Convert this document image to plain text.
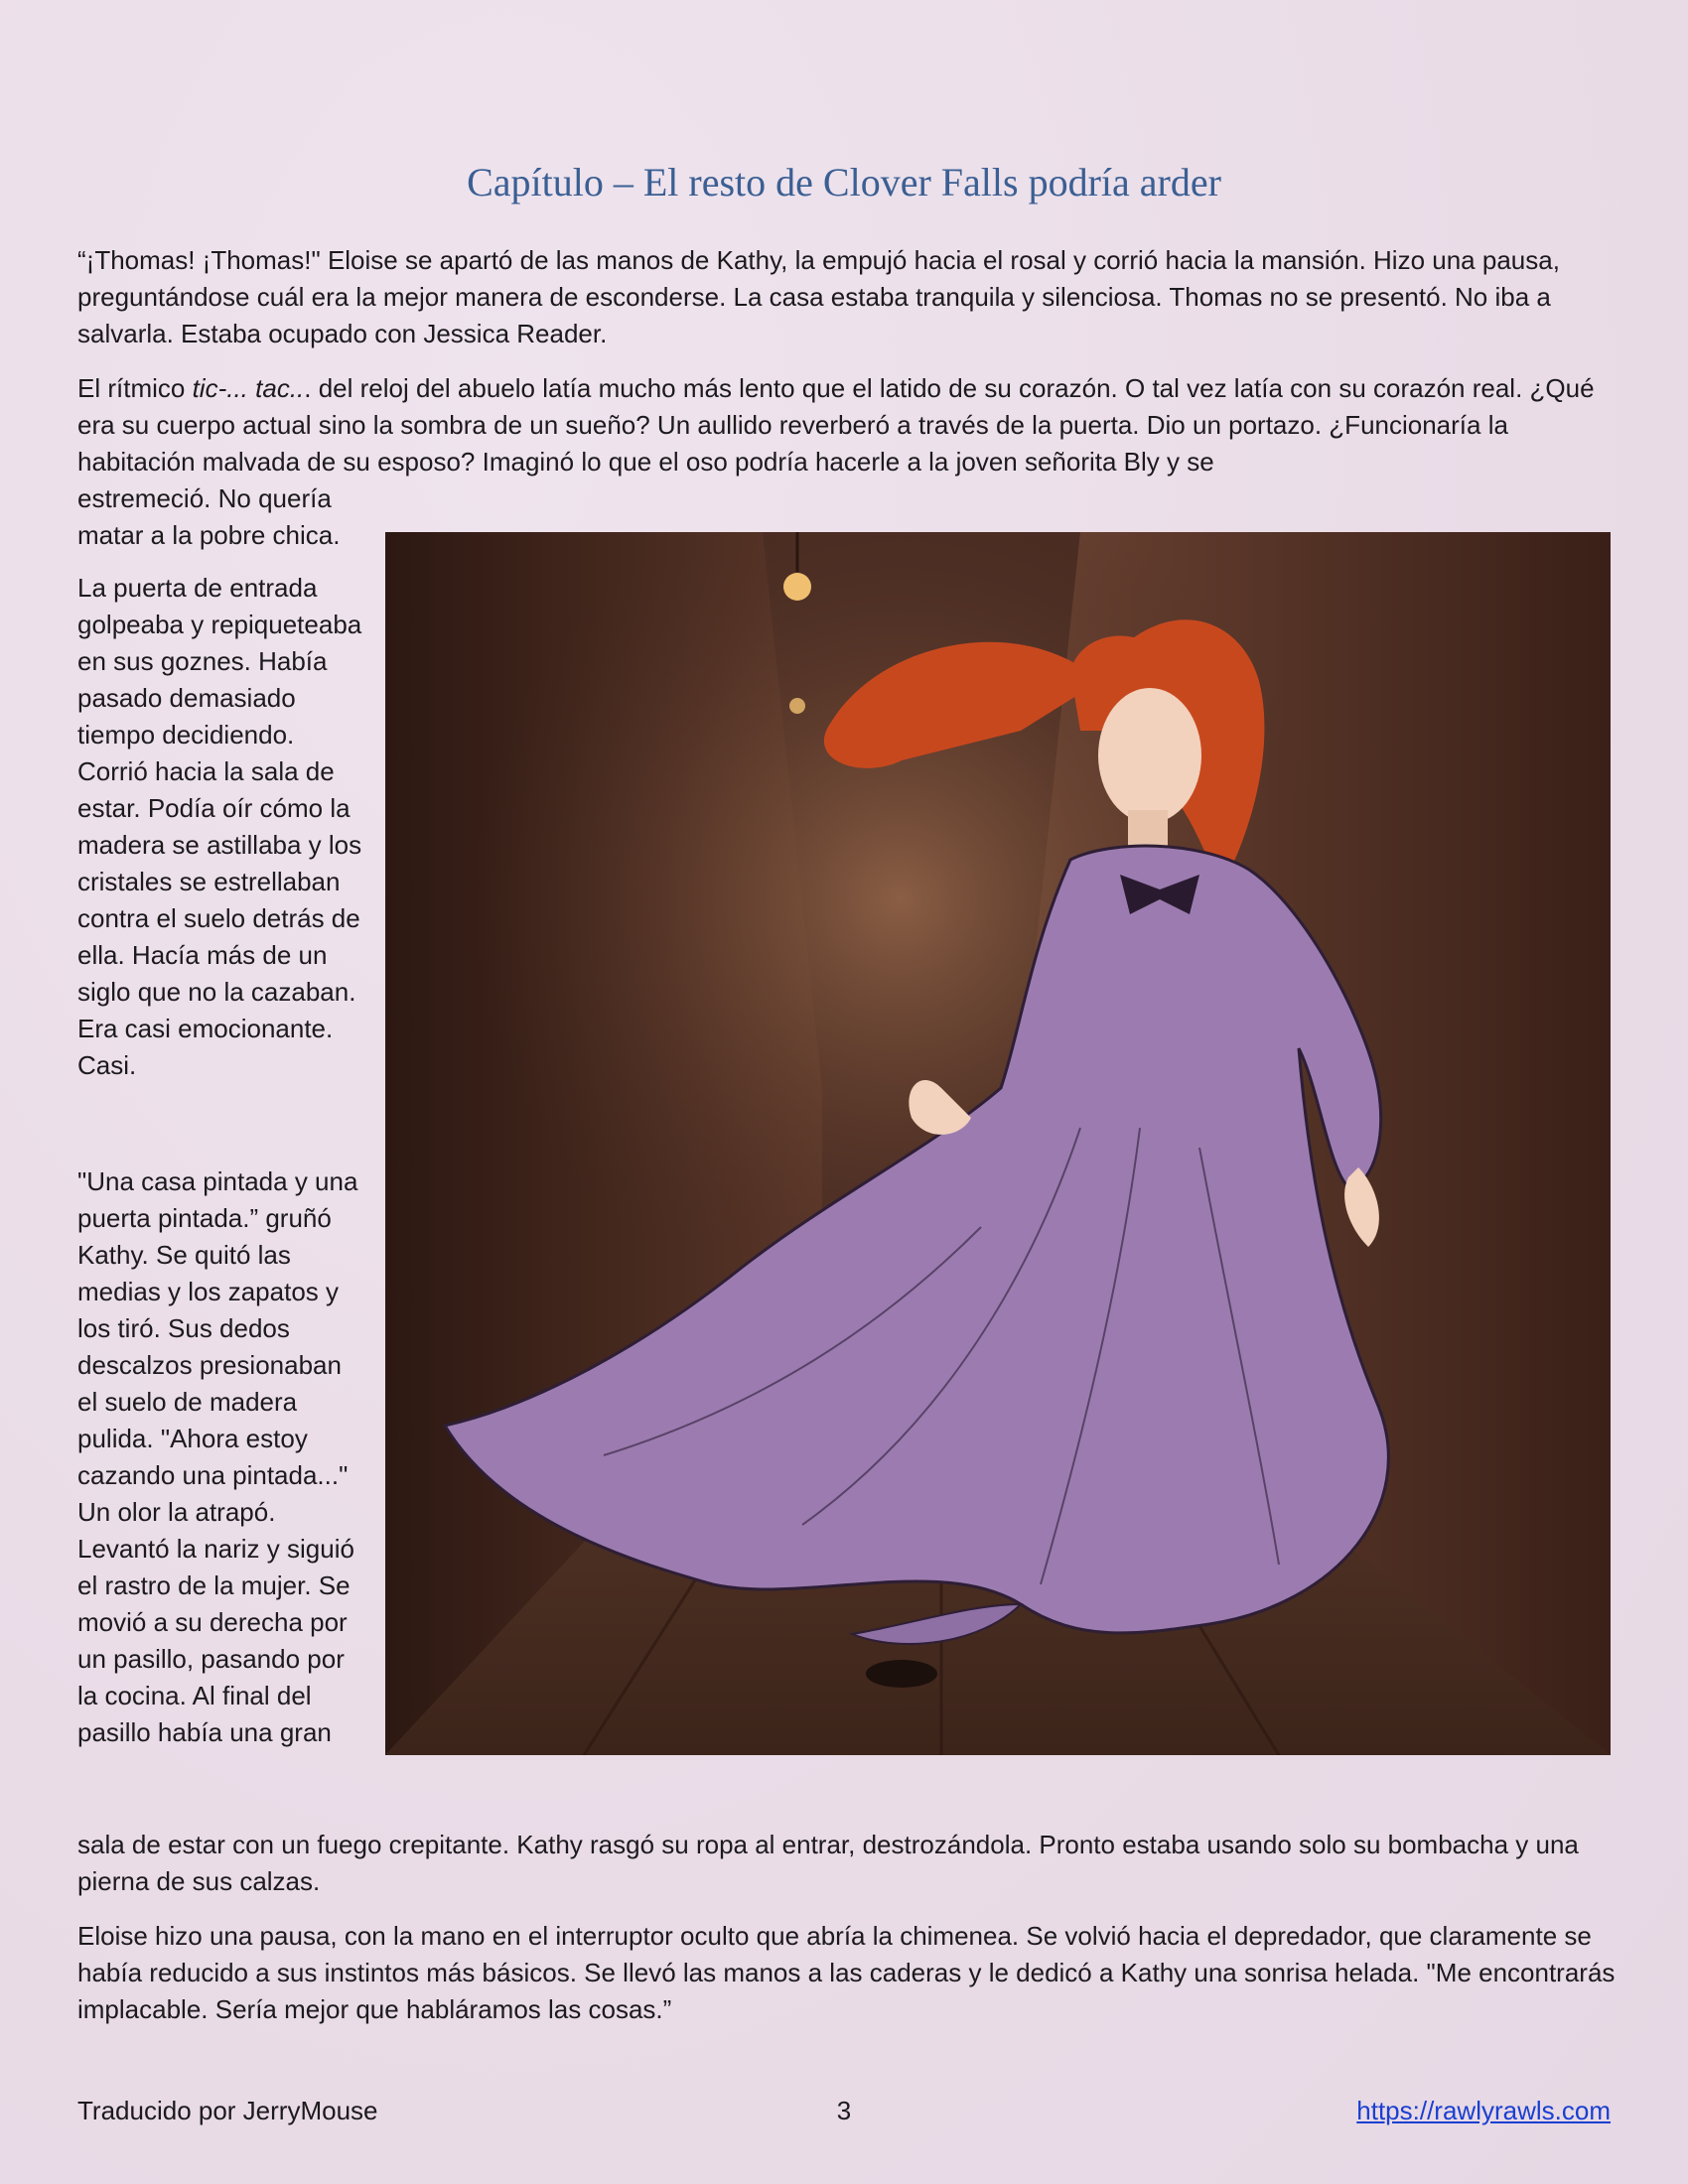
Capítulo – El resto de Clover Falls podría arder

“¡Thomas! ¡Thomas!" Eloise se apartó de las manos de Kathy, la empujó hacia el rosal y corrió hacia la mansión. Hizo una pausa, preguntándose cuál era la mejor manera de esconderse. La casa estaba tranquila y silenciosa. Thomas no se presentó. No iba a salvarla. Estaba ocupado con Jessica Reader.

El rítmico tic-... tac... del reloj del abuelo latía mucho más lento que el latido de su corazón. O tal vez latía con su corazón real. ¿Qué era su cuerpo actual sino la sombra de un sueño? Un aullido reverberó a través de la puerta. Dio un portazo. ¿Funcionaría la habitación malvada de su esposo? Imaginó lo que el oso podría hacerle a la joven señorita Bly y se

estremeció. No quería matar a la pobre chica.

La puerta de entrada golpeaba y repiqueteaba en sus goznes. Había pasado demasiado tiempo decidiendo. Corrió hacia la sala de estar. Podía oír cómo la madera se astillaba y los cristales se estrellaban contra el suelo detrás de ella. Hacía más de un siglo que no la cazaban. Era casi emocionante. Casi.

"Una casa pintada y una puerta pintada.” gruñó Kathy. Se quitó las medias y los zapatos y los tiró. Sus dedos descalzos presionaban el suelo de madera pulida. "Ahora estoy cazando una pintada..." Un olor la atrapó. Levantó la nariz y siguió el rastro de la mujer. Se movió a su derecha por un pasillo, pasando por la cocina. Al final del pasillo había una gran

sala de estar con un fuego crepitante. Kathy rasgó su ropa al entrar, destrozándola. Pronto estaba usando solo su bombacha y una pierna de sus calzas.

Eloise hizo una pausa, con la mano en el interruptor oculto que abría la chimenea. Se volvió hacia el depredador, que claramente se había reducido a sus instintos más básicos. Se llevó las manos a las caderas y le dedicó a Kathy una sonrisa helada. "Me encontrarás implacable. Sería mejor que habláramos las cosas.”

Traducido por JerryMouse	3	https://rawlyrawls.com
